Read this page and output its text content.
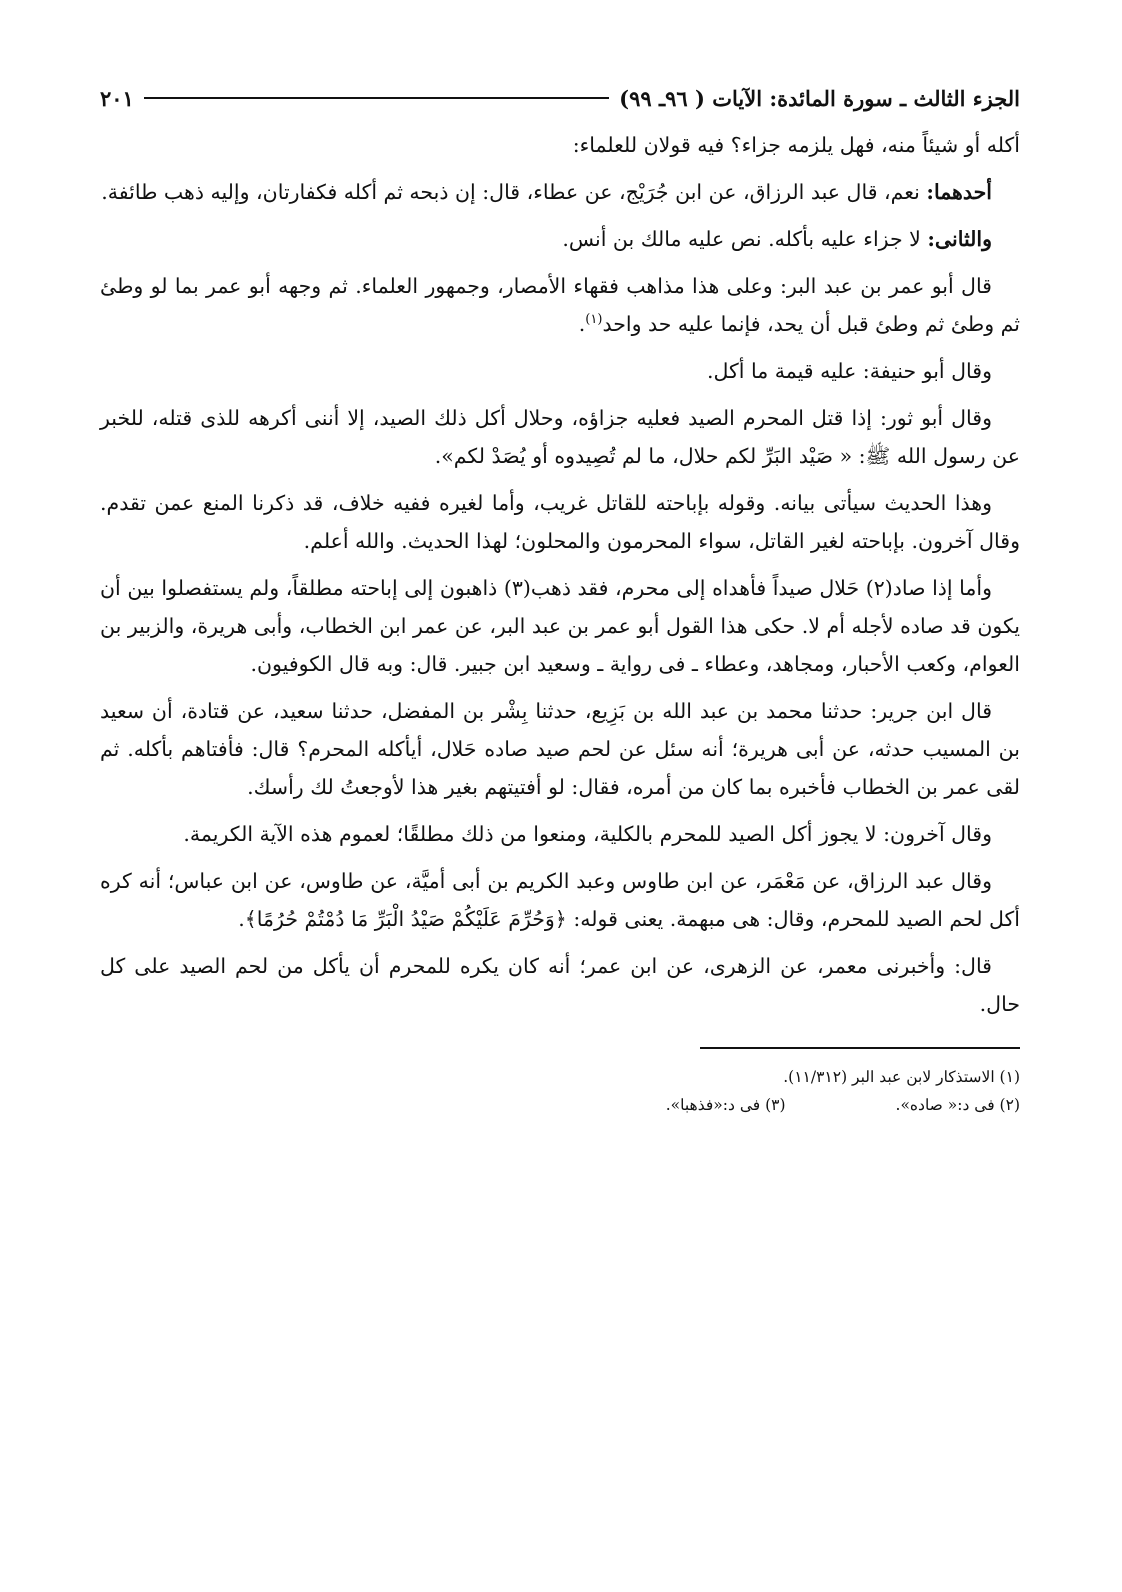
الجزء الثالث ـ سورة المائدة: الآيات ( ٩٦ـ ٩٩)
٢٠١

أكله أو شيئاً منه، فهل يلزمه جزاء؟ فيه قولان للعلماء:

أحدهما: نعم، قال عبد الرزاق، عن ابن جُرَيْج، عن عطاء، قال: إن ذبحه ثم أكله فكفارتان، وإليه ذهب طائفة.

والثانى: لا جزاء عليه بأكله. نص عليه مالك بن أنس.

قال أبو عمر بن عبد البر: وعلى هذا مذاهب فقهاء الأمصار، وجمهور العلماء. ثم وجهه أبو عمر بما لو وطئ ثم وطئ ثم وطئ قبل أن يحد، فإنما عليه حد واحد$^{(١)}$.

وقال أبو حنيفة: عليه قيمة ما أكل.

وقال أبو ثور: إذا قتل المحرم الصيد فعليه جزاؤه، وحلال أكل ذلك الصيد، إلا أننى أكرهه للذى قتله، للخبر عن رسول الله ﷺ: « صَيْد البَرِّ لكم حلال، ما لم تُصِيدوه أو يُصَدْ لكم».

وهذا الحديث سيأتى بيانه. وقوله بإباحته للقاتل غريب، وأما لغيره ففيه خلاف، قد ذكرنا المنع عمن تقدم. وقال آخرون. بإباحته لغير القاتل، سواء المحرمون والمحلون؛ لهذا الحديث. والله أعلم.

وأما إذا صاد(٢) حَلال صيداً فأهداه إلى محرم، فقد ذهب(٣) ذاهبون إلى إباحته مطلقاً، ولم يستفصلوا بين أن يكون قد صاده لأجله أم لا. حكى هذا القول أبو عمر بن عبد البر، عن عمر ابن الخطاب، وأبى هريرة، والزبير بن العوام، وكعب الأحبار، ومجاهد، وعطاء ـ فى رواية ـ وسعيد ابن جبير. قال: وبه قال الكوفيون.

قال ابن جرير: حدثنا محمد بن عبد الله بن بَزِيع، حدثنا بِشْر بن المفضل، حدثنا سعيد، عن قتادة، أن سعيد بن المسيب حدثه، عن أبى هريرة؛ أنه سئل عن لحم صيد صاده حَلال، أيأكله المحرم؟ قال: فأفتاهم بأكله. ثم لقى عمر بن الخطاب فأخبره بما كان من أمره، فقال: لو أفتيتهم بغير هذا لأوجعتُ لك رأسك.

وقال آخرون: لا يجوز أكل الصيد للمحرم بالكلية، ومنعوا من ذلك مطلقًا؛ لعموم هذه الآية الكريمة.

وقال عبد الرزاق، عن مَعْمَر، عن ابن طاوس وعبد الكريم بن أبى أميَّة، عن طاوس، عن ابن عباس؛ أنه كره أكل لحم الصيد للمحرم، وقال: هى مبهمة. يعنى قوله: ﴿وَحُرِّمَ عَلَيْكُمْ صَيْدُ الْبَرِّ مَا دُمْتُمْ حُرُمًا﴾.

قال: وأخبرنى معمر، عن الزهرى، عن ابن عمر؛ أنه كان يكره للمحرم أن يأكل من لحم الصيد على كل حال.

(١) الاستذكار لابن عبد البر (١١/٣١٢).
(٢) فى د:« صاده».
(٣) فى د:«فذهبا».
